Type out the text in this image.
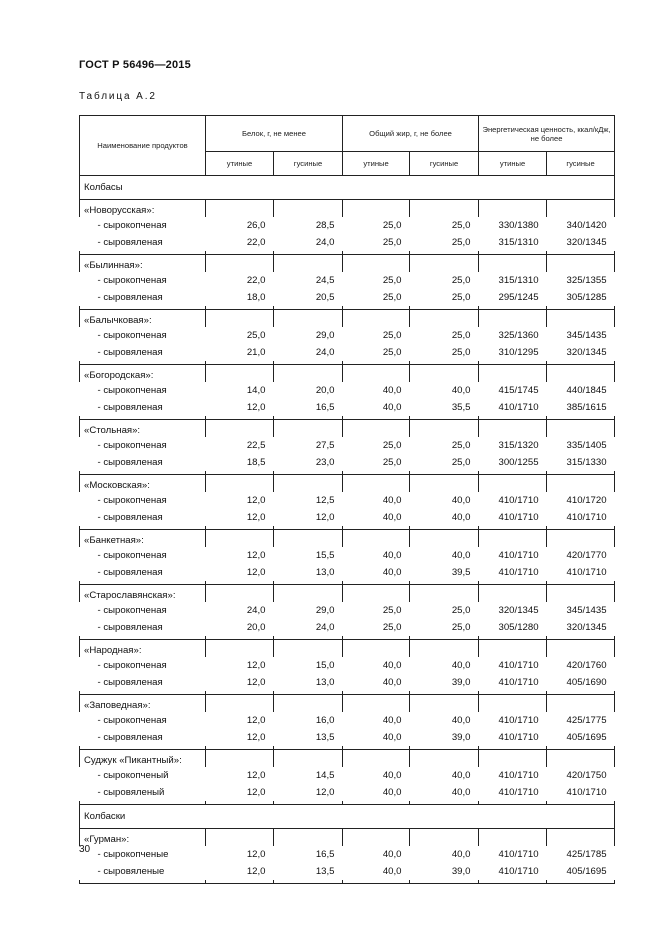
ГОСТ Р 56496—2015
Таблица А.2
Наименование продуктов	Белок, г, не менее		Общий жир, г, не более		Энергетическая ценность, ккал/кДж, не более	
	утиные	гусиные	утиные	гусиные	утиные	гусиные
Колбасы						
«Новорусская»:						
- сырокопченая	26,0	28,5	25,0	25,0	330/1380	340/1420
- сыровяленая	22,0	24,0	25,0	25,0	315/1310	320/1345

«Былинная»:						
- сырокопченая	22,0	24,5	25,0	25,0	315/1310	325/1355
- сыровяленая	18,0	20,5	25,0	25,0	295/1245	305/1285

«Балычковая»:						
- сырокопченая	25,0	29,0	25,0	25,0	325/1360	345/1435
- сыровяленая	21,0	24,0	25,0	25,0	310/1295	320/1345

«Богородская»:						
- сырокопченая	14,0	20,0	40,0	40,0	415/1745	440/1845
- сыровяленая	12,0	16,5	40,0	35,5	410/1710	385/1615

«Стольная»:						
- сырокопченая	22,5	27,5	25,0	25,0	315/1320	335/1405
- сыровяленая	18,5	23,0	25,0	25,0	300/1255	315/1330

«Московская»:						
- сырокопченая	12,0	12,5	40,0	40,0	410/1710	410/1720
- сыровяленая	12,0	12,0	40,0	40,0	410/1710	410/1710

«Банкетная»:						
- сырокопченая	12,0	15,5	40,0	40,0	410/1710	420/1770
- сыровяленая	12,0	13,0	40,0	39,5	410/1710	410/1710

«Старославянская»:						
- сырокопченая	24,0	29,0	25,0	25,0	320/1345	345/1435
- сыровяленая	20,0	24,0	25,0	25,0	305/1280	320/1345

«Народная»:						
- сырокопченая	12,0	15,0	40,0	40,0	410/1710	420/1760
- сыровяленая	12,0	13,0	40,0	39,0	410/1710	405/1690

«Заповедная»:						
- сырокопченая	12,0	16,0	40,0	40,0	410/1710	425/1775
- сыровяленая	12,0	13,5	40,0	39,0	410/1710	405/1695

Суджук «Пикантный»:						
- сырокопченый	12,0	14,5	40,0	40,0	410/1710	420/1750
- сыровяленый	12,0	12,0	40,0	40,0	410/1710	410/1710

Колбаски						
«Гурман»:						
- сырокопченые	12,0	16,5	40,0	40,0	410/1710	425/1785
- сыровяленые	12,0	13,5	40,0	39,0	410/1710	405/1695

30
